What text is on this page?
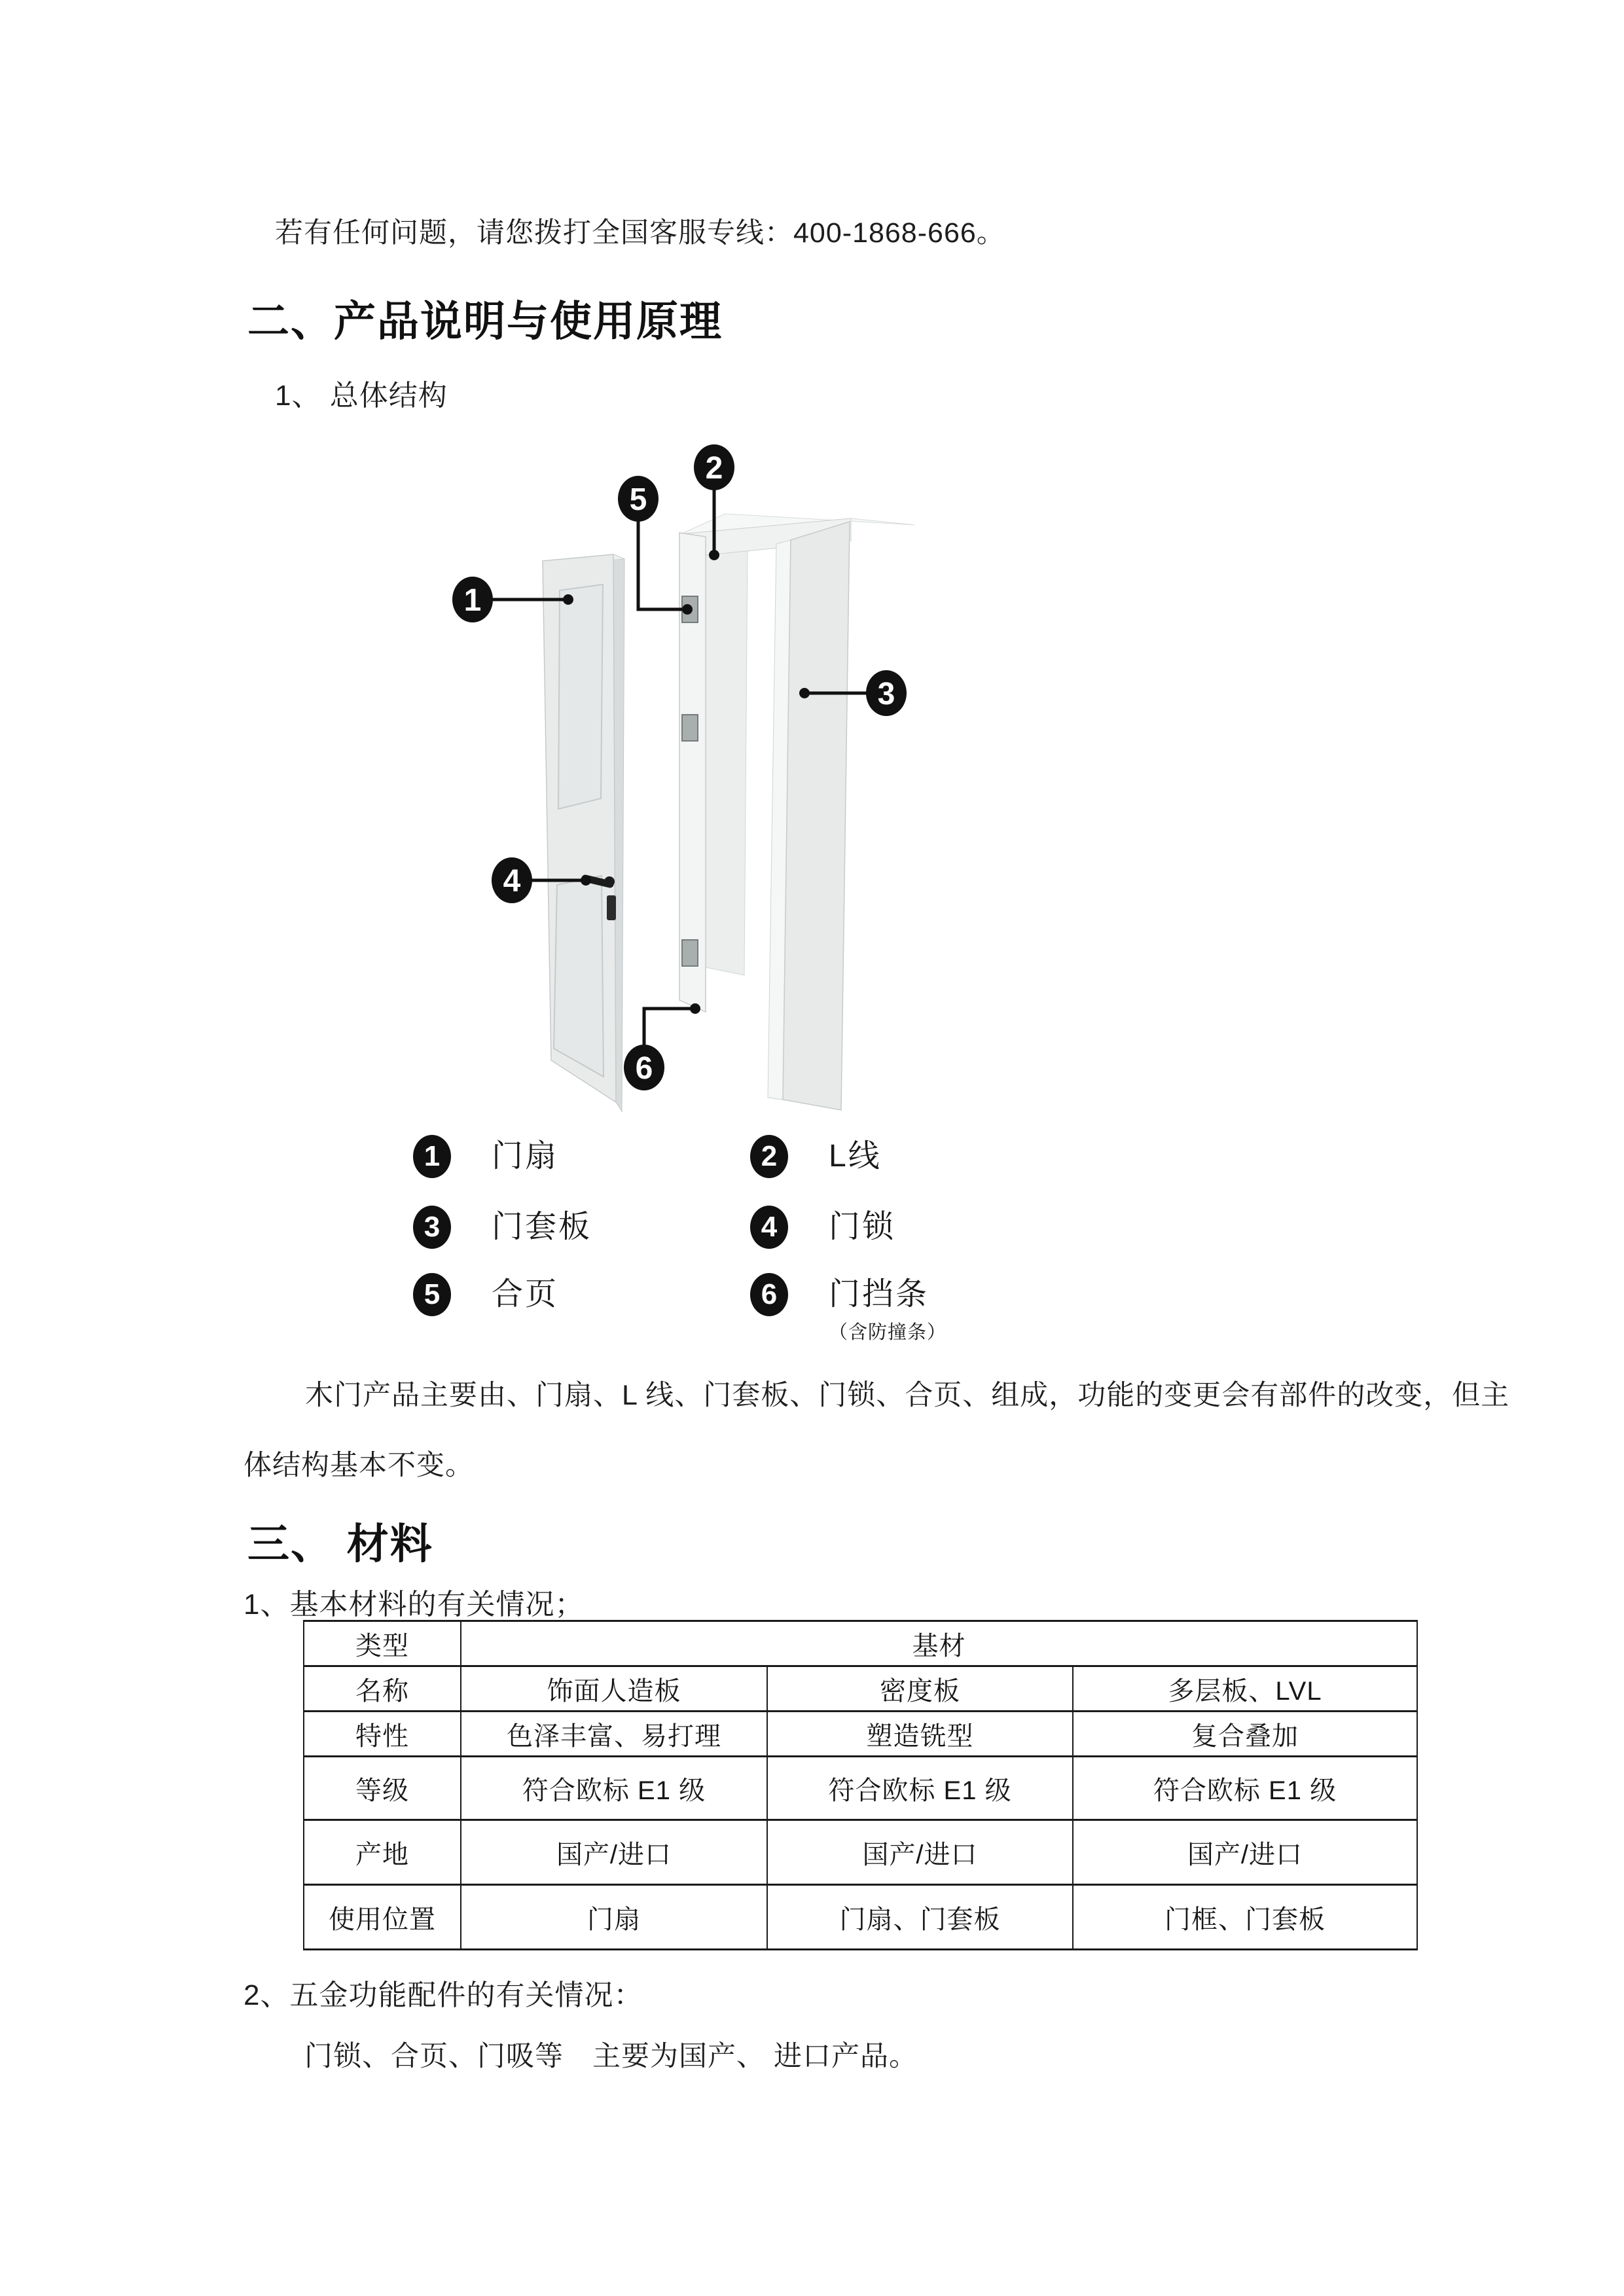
若有任何问题，请您拨打全国客服专线：400-1868-666。
二、产品说明与使用原理
1、 总体结构
1
2
3
4
5
6
1	门扇	2	L线
3	门套板	4	门锁
5	合页	6	门挡条
（含防撞条）
木门产品主要由、门扇、L 线、门套板、门锁、合页、组成，功能的变更会有部件的改变，但主
体结构基本不变。
三、 材料
1、基本材料的有关情况；
类型	基材		
名称	饰面人造板	密度板	多层板、LVL
特性	色泽丰富、易打理	塑造铣型	复合叠加
等级	符合欧标 E1 级	符合欧标 E1 级	符合欧标 E1 级
产地	国产/进口	国产/进口	国产/进口
使用位置	门扇	门扇、门套板	门框、门套板
2、五金功能配件的有关情况：
门锁、合页、门吸等　主要为国产、 进口产品。
